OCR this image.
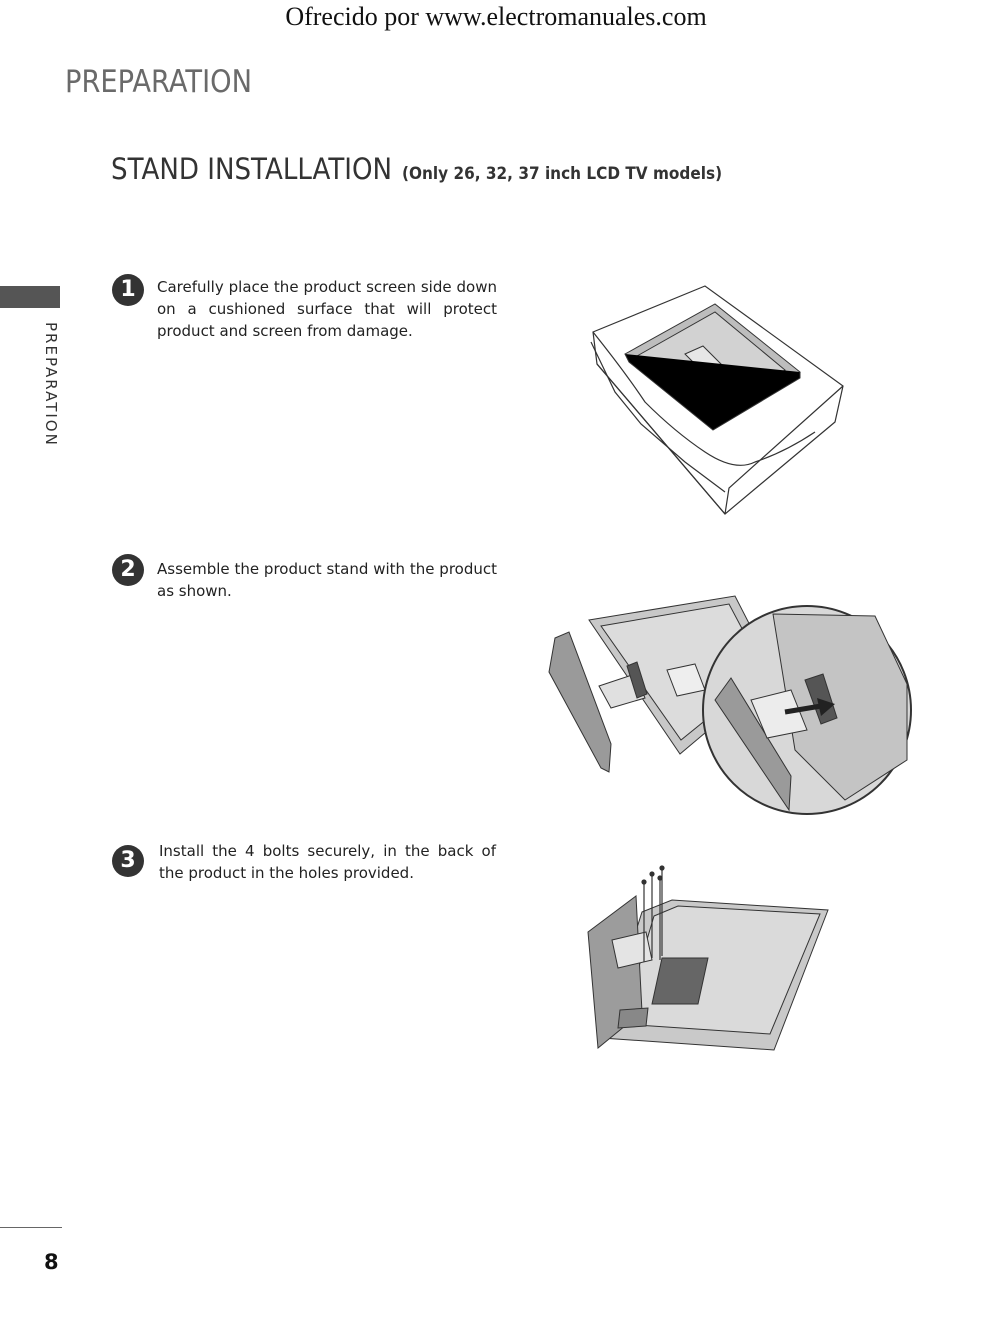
Ofrecido por www.electromanuales.com
PREPARATION
PREPARATION
STAND INSTALLATION (Only 26, 32, 37 inch LCD TV models)
1	Carefully place the product screen side down on a cushioned surface that will protect product and screen from damage.
2	Assemble the product stand with the product as shown.
3	Install the 4 bolts securely, in the back of the product in the holes provided.
8
